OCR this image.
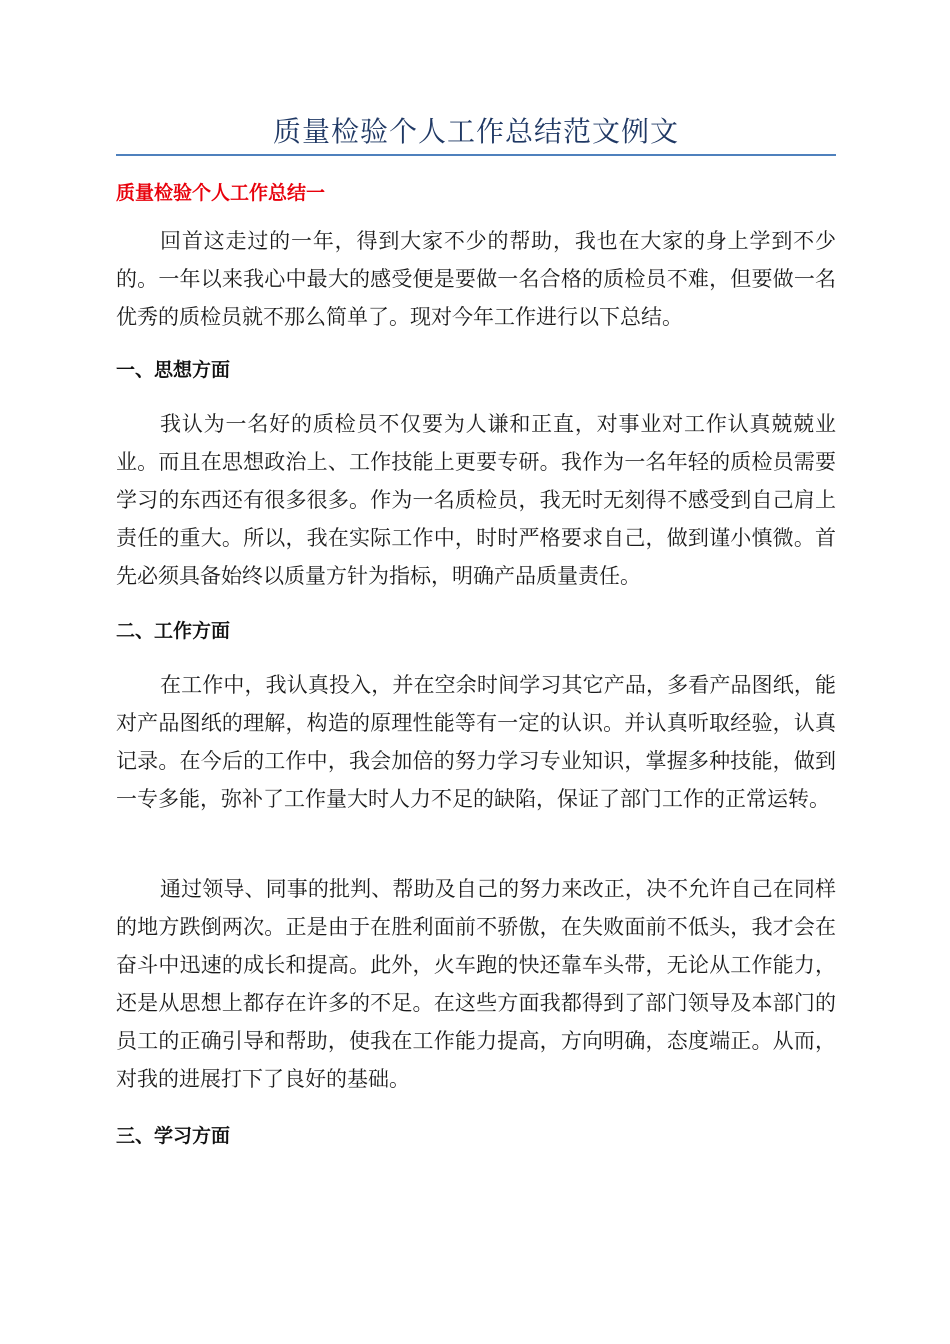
质量检验个人工作总结范文例文
质量检验个人工作总结一

回首这走过的一年，得到大家不少的帮助，我也在大家的身上学到不少的。一年以来我心中最大的感受便是要做一名合格的质检员不难，但要做一名优秀的质检员就不那么简单了。现对今年工作进行以下总结。

一、思想方面

我认为一名好的质检员不仅要为人谦和正直，对事业对工作认真兢兢业业。而且在思想政治上、工作技能上更要专研。我作为一名年轻的质检员需要学习的东西还有很多很多。作为一名质检员，我无时无刻得不感受到自己肩上责任的重大。所以，我在实际工作中，时时严格要求自己，做到谨小慎微。首先必须具备始终以质量方针为指标，明确产品质量责任。

二、工作方面

在工作中，我认真投入，并在空余时间学习其它产品，多看产品图纸，能对产品图纸的理解，构造的原理性能等有一定的认识。并认真听取经验，认真记录。在今后的工作中，我会加倍的努力学习专业知识，掌握多种技能，做到一专多能，弥补了工作量大时人力不足的缺陷，保证了部门工作的正常运转。

通过领导、同事的批判、帮助及自己的努力来改正，决不允许自己在同样的地方跌倒两次。正是由于在胜利面前不骄傲，在失败面前不低头，我才会在奋斗中迅速的成长和提高。此外，火车跑的快还靠车头带，无论从工作能力，还是从思想上都存在许多的不足。在这些方面我都得到了部门领导及本部门的员工的正确引导和帮助，使我在工作能力提高，方向明确，态度端正。从而，对我的进展打下了良好的基础。

三、学习方面
